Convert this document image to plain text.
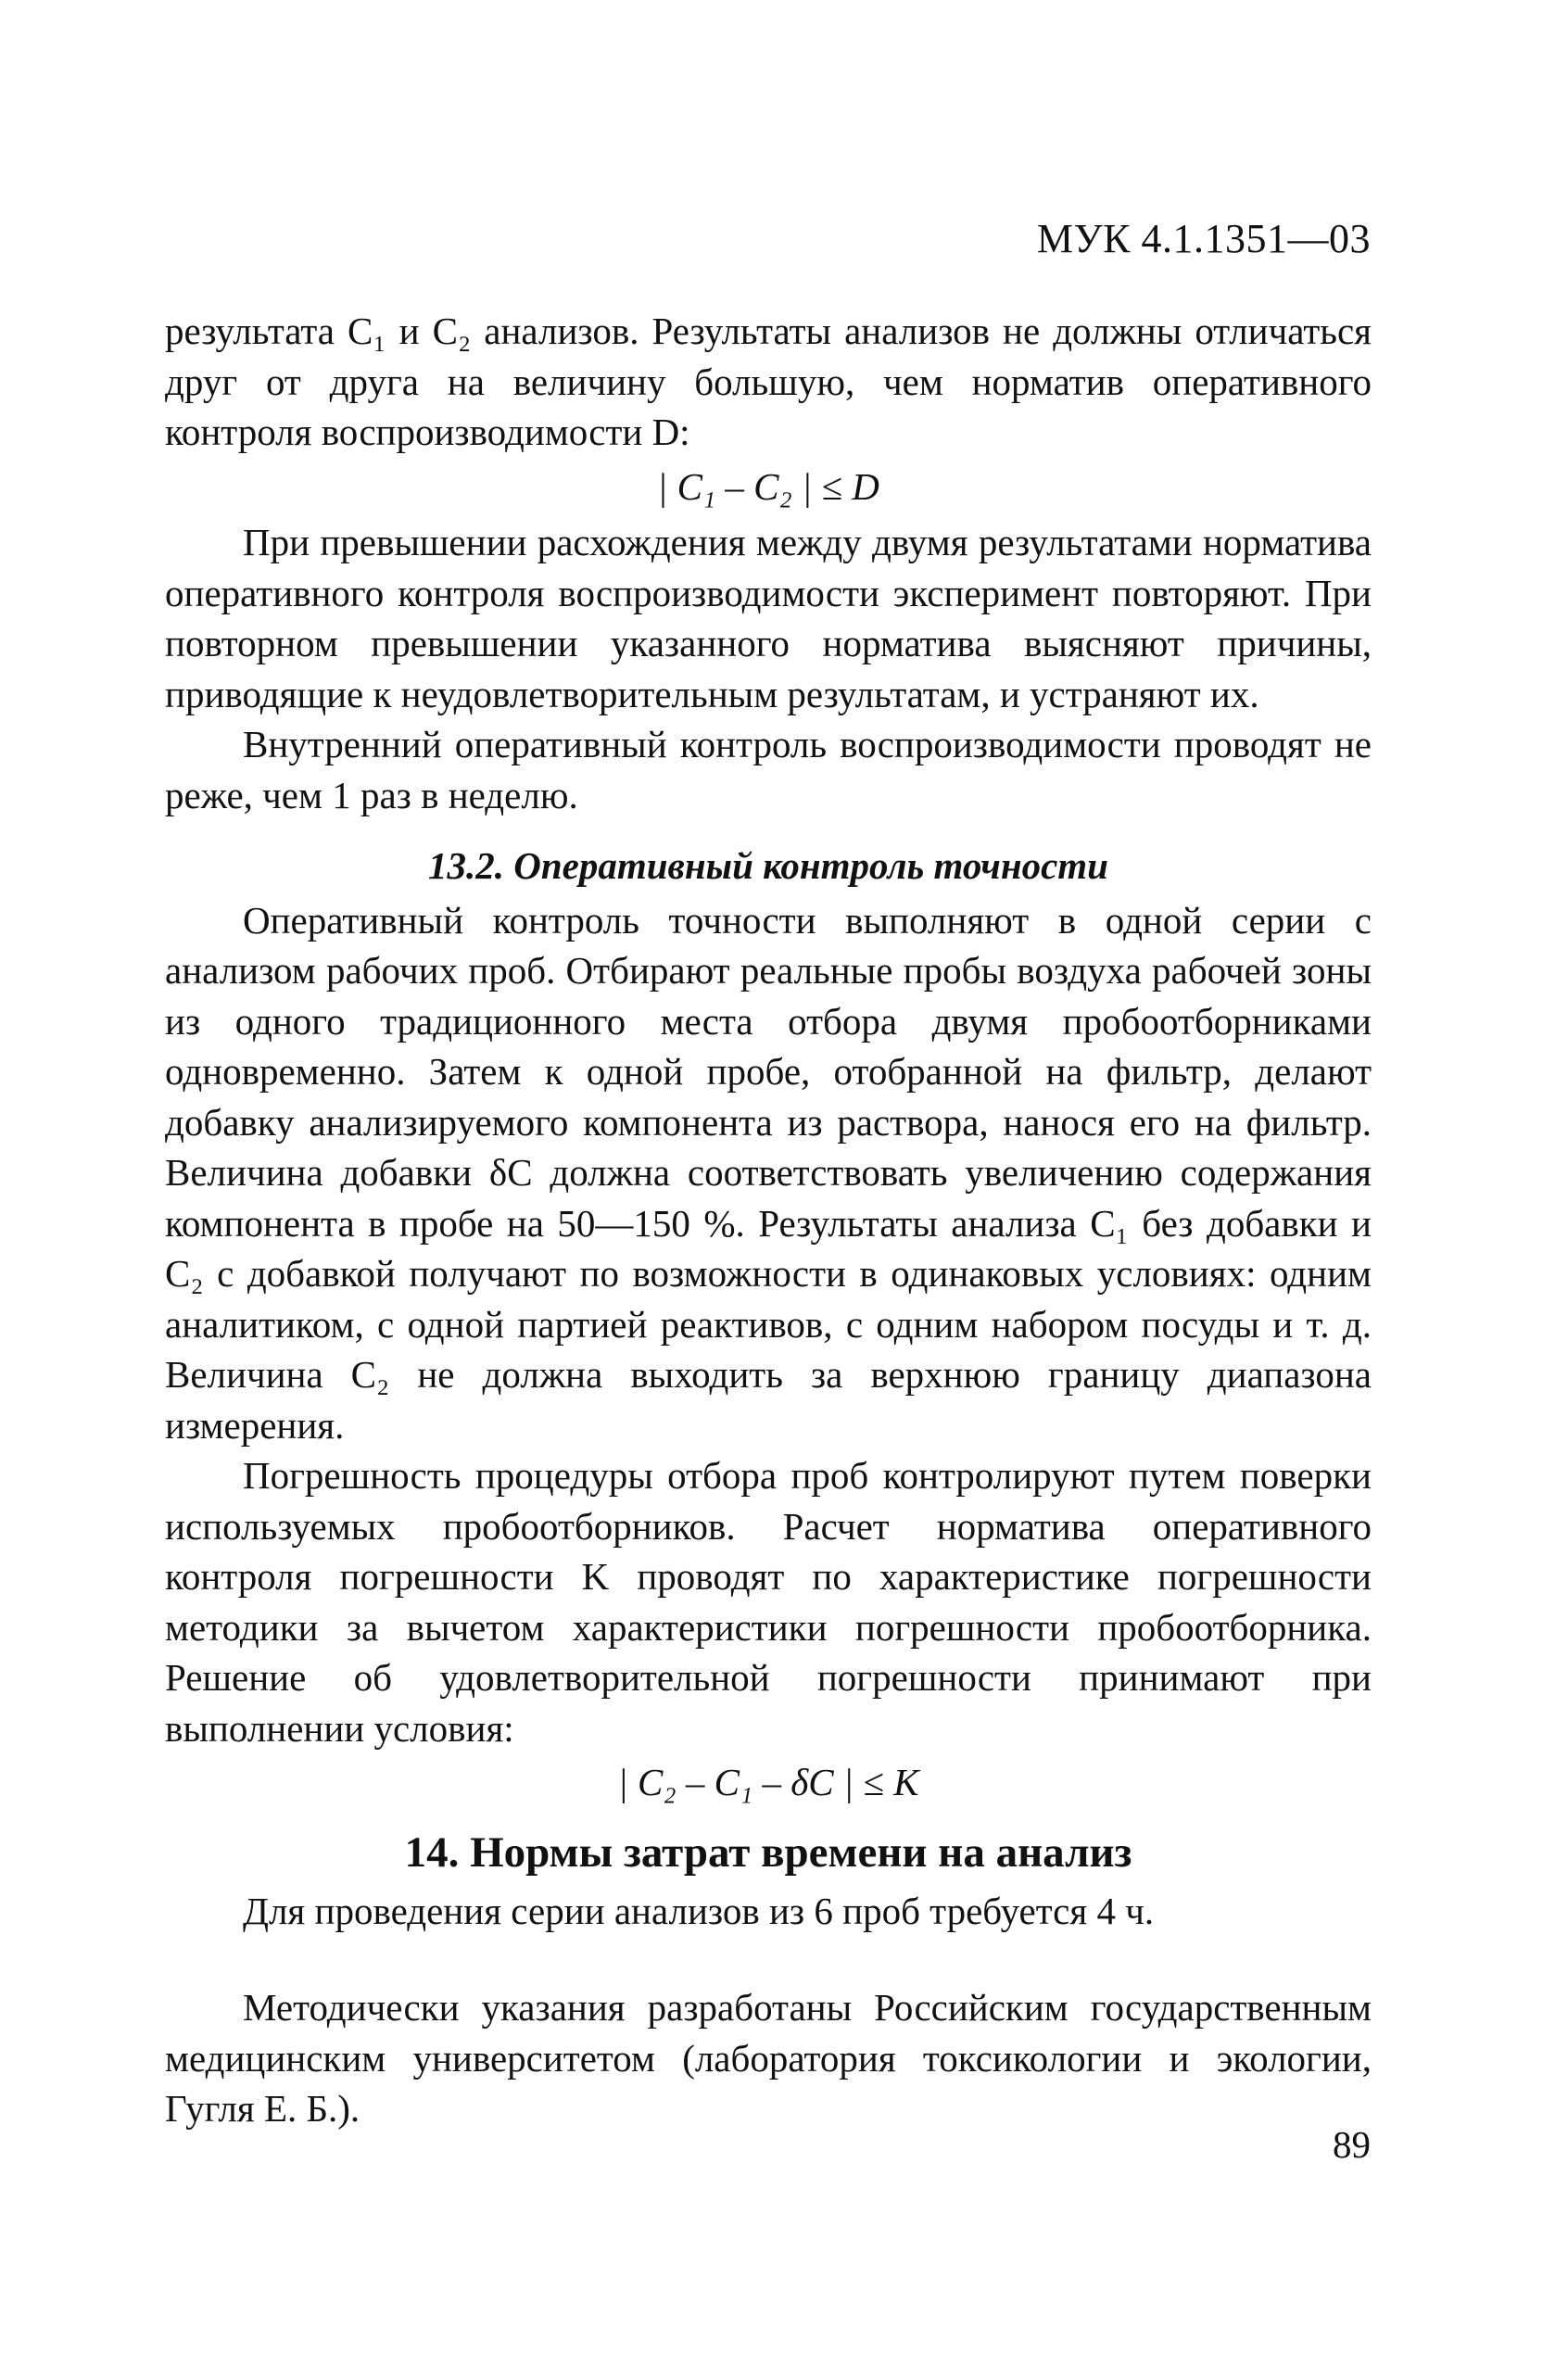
МУК 4.1.1351—03

результата C₁ и C₂ анализов. Результаты анализов не должны отличаться друг от друга на величину большую, чем норматив оперативного контроля воспроизводимости D:

| C₁ – C₂ | ≤ D

При превышении расхождения между двумя результатами норматива оперативного контроля воспроизводимости эксперимент повторяют. При повторном превышении указанного норматива выясняют причины, приводящие к неудовлетворительным результатам, и устраняют их.

Внутренний оперативный контроль воспроизводимости проводят не реже, чем 1 раз в неделю.

13.2. Оперативный контроль точности

Оперативный контроль точности выполняют в одной серии с анализом рабочих проб. Отбирают реальные пробы воздуха рабочей зоны из одного традиционного места отбора двумя пробоотборниками одновременно. Затем к одной пробе, отобранной на фильтр, делают добавку анализируемого компонента из раствора, нанося его на фильтр. Величина добавки δC должна соответствовать увеличению содержания компонента в пробе на 50—150 %. Результаты анализа C₁ без добавки и C₂ с добавкой получают по возможности в одинаковых условиях: одним аналитиком, с одной партией реактивов, с одним набором посуды и т. д. Величина C₂ не должна выходить за верхнюю границу диапазона измерения.

Погрешность процедуры отбора проб контролируют путем поверки используемых пробоотборников. Расчет норматива оперативного контроля погрешности K проводят по характеристике погрешности методики за вычетом характеристики погрешности пробоотборника. Решение об удовлетворительной погрешности принимают при выполнении условия:

| C₂ – C₁ – δC | ≤ K
14. Нормы затрат времени на анализ

Для проведения серии анализов из 6 проб требуется 4 ч.

Методически указания разработаны Российским государственным медицинским университетом (лаборатория токсикологии и экологии, Гугля Е. Б.).

89
